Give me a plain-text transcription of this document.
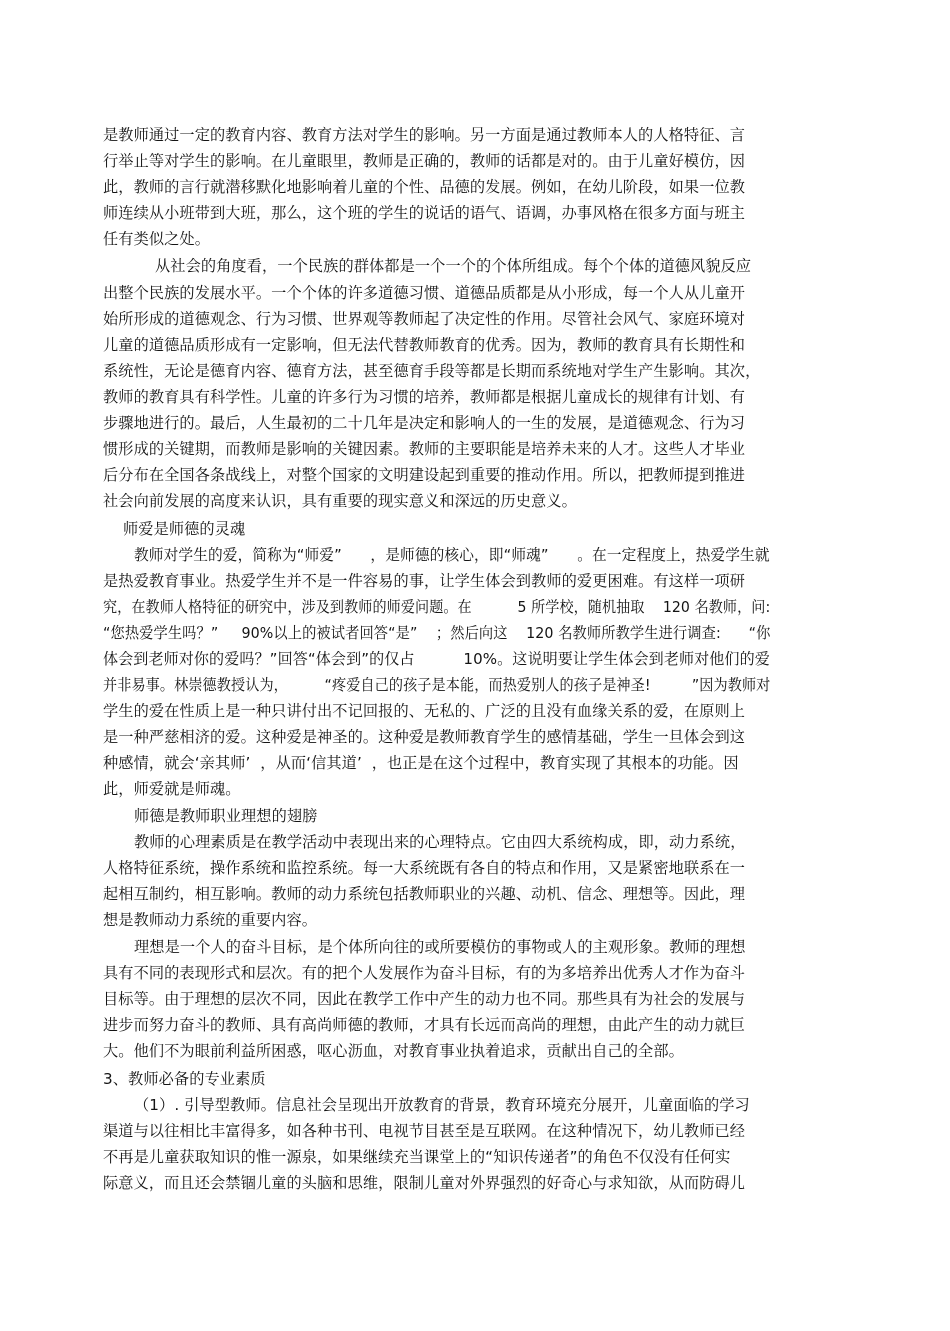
是教师通过一定的教育内容、教育方法对学生的影响。另一方面是通过教师本人的人格特征、言

行举止等对学生的影响。在儿童眼里，教师是正确的，教师的话都是对的。由于儿童好模仿，因

此，教师的言行就潜移默化地影响着儿童的个性、品德的发展。例如，在幼儿阶段，如果一位教

师连续从小班带到大班，那么，这个班的学生的说话的语气、语调，办事风格在很多方面与班主

任有类似之处。

从社会的角度看，一个民族的群体都是一个一个的个体所组成。每个个体的道德风貌反应

出整个民族的发展水平。一个个体的许多道德习惯、道德品质都是从小形成，每一个人从儿童开

始所形成的道德观念、行为习惯、世界观等教师起了决定性的作用。尽管社会风气、家庭环境对

儿童的道德品质形成有一定影响，但无法代替教师教育的优秀。因为，教师的教育具有长期性和

系统性，无论是德育内容、德育方法，甚至德育手段等都是长期而系统地对学生产生影响。其次，

教师的教育具有科学性。儿童的许多行为习惯的培养，教师都是根据儿童成长的规律有计划、有

步骤地进行的。最后，人生最初的二十几年是决定和影响人的一生的发展，是道德观念、行为习

惯形成的关键期，而教师是影响的关键因素。教师的主要职能是培养未来的人才。这些人才毕业

后分布在全国各条战线上，对整个国家的文明建设起到重要的推动作用。所以，把教师提到推进

社会向前发展的高度来认识，具有重要的现实意义和深远的历史意义。

师爱是师德的灵魂

教师对学生的爱，简称为“师爱”      ，是师德的核心，即“师魂”      。在一定程度上，热爱学生就

是热爱教育事业。热爱学生并不是一件容易的事，让学生体会到教师的爱更困难。有这样一项研

究，在教师人格特征的研究中，涉及到教师的师爱问题。在          5 所学校，随机抽取    120 名教师，问:

“您热爱学生吗？”     90%以上的被试者回答“是”    ；然后向这    120 名教师所教学生进行调查:      “你

体会到老师对你的爱吗？”回答“体会到”的仅占          10%。这说明要让学生体会到老师对他们的爱

并非易事。林崇德教授认为，        “疼爱自己的孩子是本能，而热爱别人的孩子是神圣!         ”因为教师对

学生的爱在性质上是一种只讲付出不记回报的、无私的、广泛的且没有血缘关系的爱，在原则上

是一种严慈相济的爱。这种爱是神圣的。这种爱是教师教育学生的感情基础，学生一旦体会到这

种感情，就会‘亲其师’  ，从而‘信其道’  ，也正是在这个过程中，教育实现了其根本的功能。因

此，师爱就是师魂。

师德是教师职业理想的翅膀

教师的心理素质是在教学活动中表现出来的心理特点。它由四大系统构成，即，动力系统，

人格特征系统，操作系统和监控系统。每一大系统既有各自的特点和作用，又是紧密地联系在一

起相互制约，相互影响。教师的动力系统包括教师职业的兴趣、动机、信念、理想等。因此，理

想是教师动力系统的重要内容。

理想是一个人的奋斗目标，是个体所向往的或所要模仿的事物或人的主观形象。教师的理想

具有不同的表现形式和层次。有的把个人发展作为奋斗目标，有的为多培养出优秀人才作为奋斗

目标等。由于理想的层次不同，因此在教学工作中产生的动力也不同。那些具有为社会的发展与

进步而努力奋斗的教师、具有高尚师德的教师，才具有长远而高尚的理想，由此产生的动力就巨

大。他们不为眼前利益所困惑，呕心沥血，对教育事业执着追求，贡献出自己的全部。

3、教师必备的专业素质

（1）. 引导型教师。信息社会呈现出开放教育的背景，教育环境充分展开，儿童面临的学习

渠道与以往相比丰富得多，如各种书刊、电视节目甚至是互联网。在这种情况下，幼儿教师已经

不再是儿童获取知识的惟一源泉，如果继续充当课堂上的“知识传递者”的角色不仅没有任何实

际意义，而且还会禁锢儿童的头脑和思维，限制儿童对外界强烈的好奇心与求知欲，从而防碍儿
